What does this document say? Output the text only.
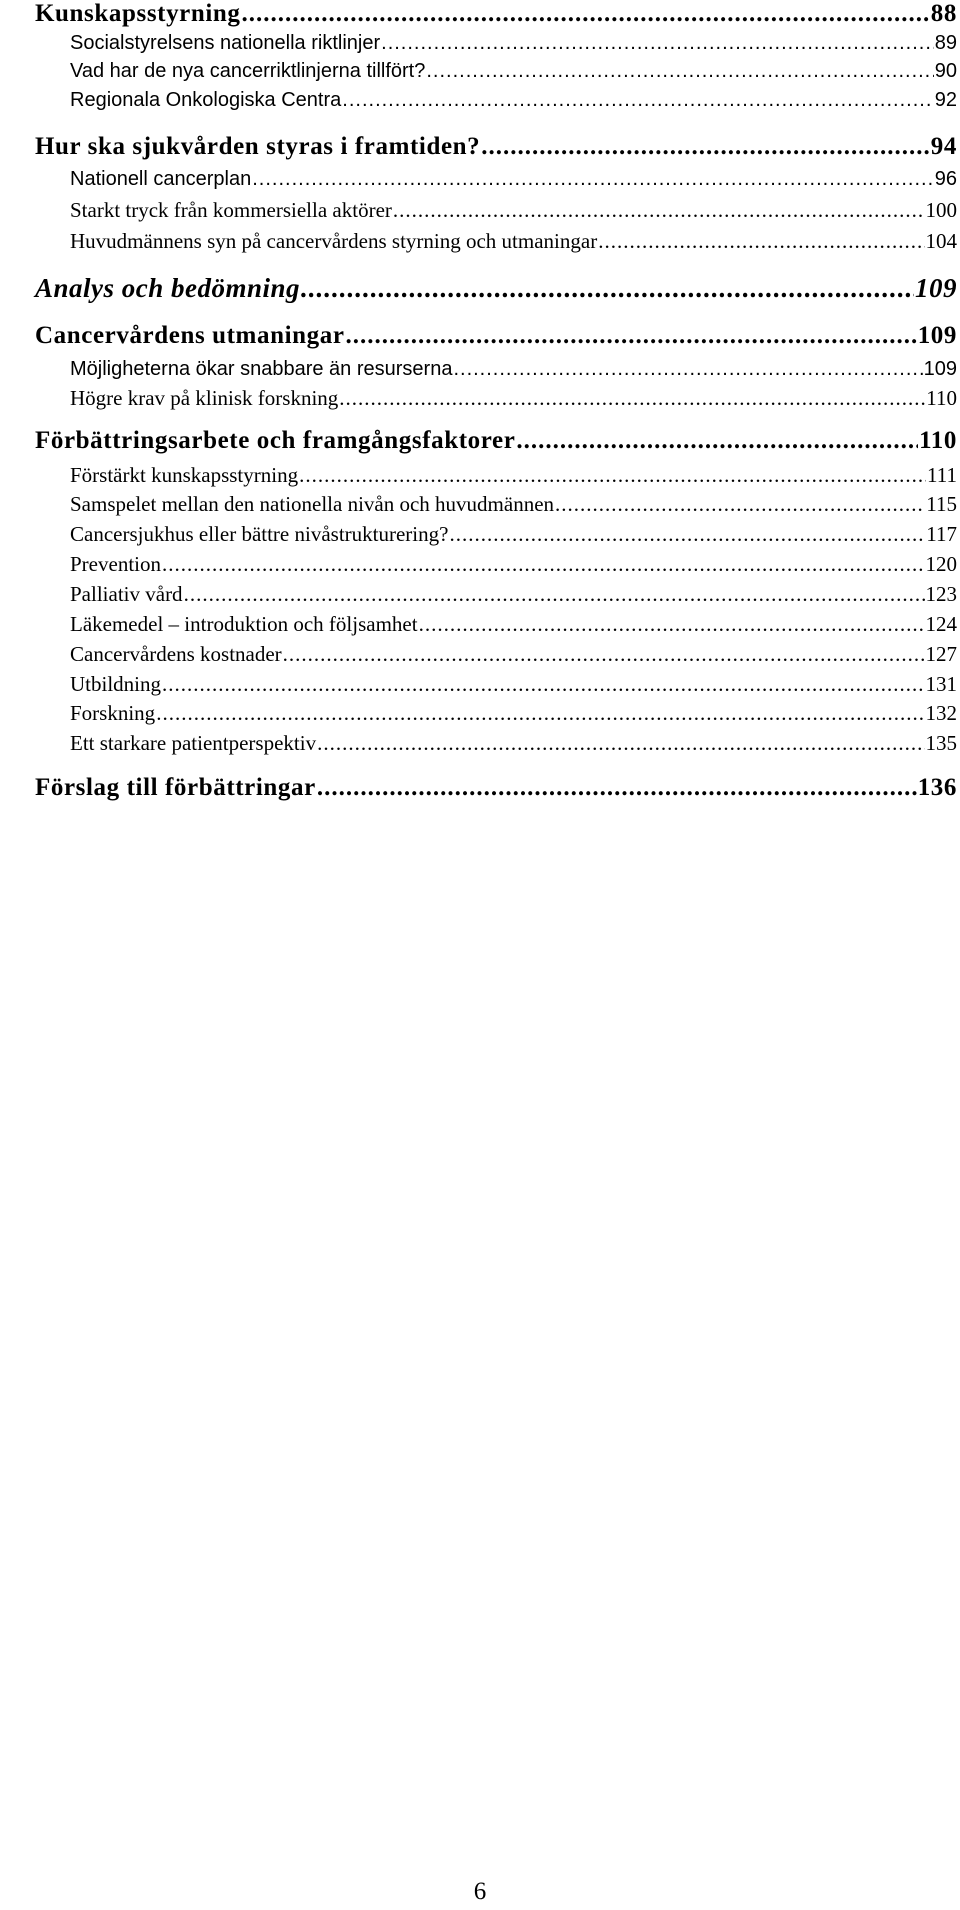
Kunskapsstyrning .....	88
Socialstyrelsens nationella riktlinjer .....	89
Vad har de nya cancerriktlinjerna tillfört? .....	90
Regionala Onkologiska Centra .....	92
Hur ska sjukvården styras i framtiden? .....	94
Nationell cancerplan .....	96
Starkt tryck från kommersiella aktörer .....	100
Huvudmännens syn på cancervårdens styrning och utmaningar .....	104
Analys och bedömning .....	109
Cancervårdens utmaningar .....	109
Möjligheterna ökar snabbare än resurserna .....	109
Högre krav på klinisk forskning .....	110
Förbättringsarbete och framgångsfaktorer .....	110
Förstärkt kunskapsstyrning .....	111
Samspelet mellan den nationella nivån och huvudmännen .....	115
Cancersjukhus eller bättre nivåstrukturering? .....	117
Prevention .....	120
Palliativ vård .....	123
Läkemedel – introduktion och följsamhet .....	124
Cancervårdens kostnader .....	127
Utbildning .....	131
Forskning .....	132
Ett starkare patientperspektiv .....	135
Förslag till förbättringar .....	136
6
